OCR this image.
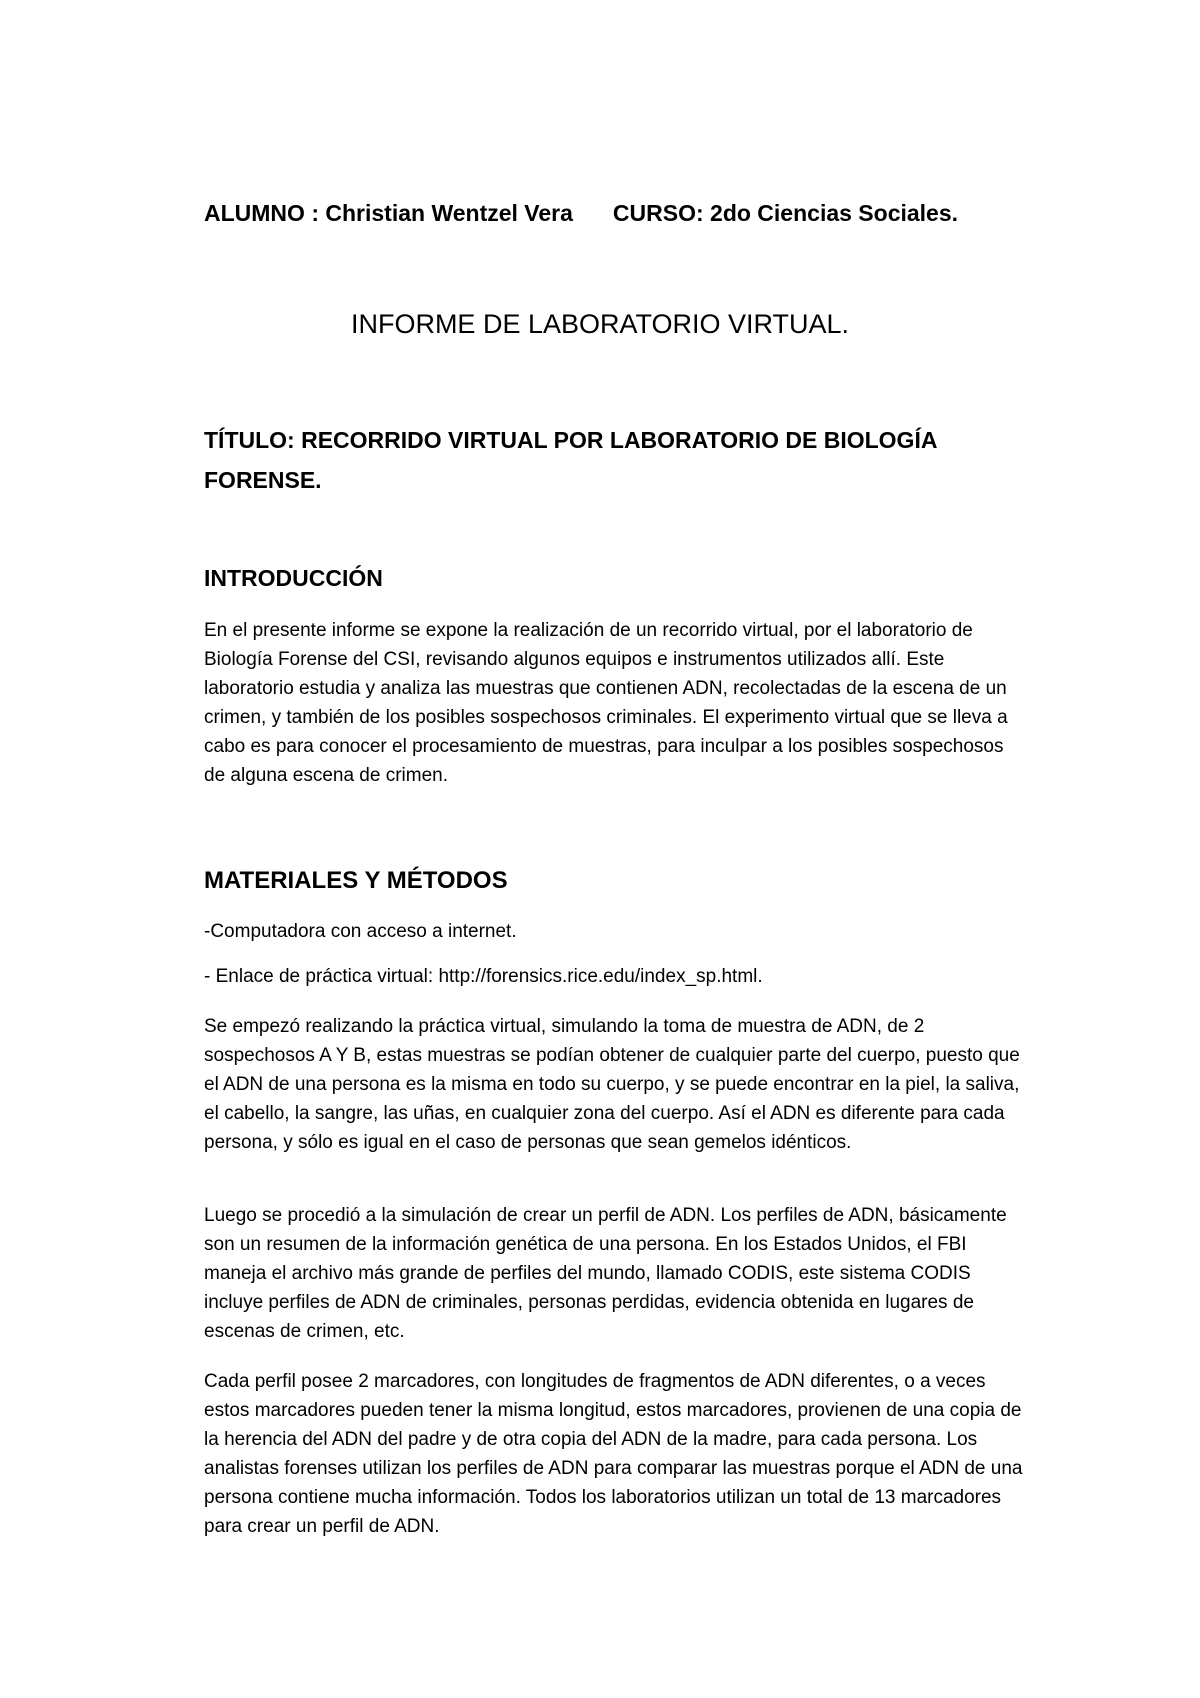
ALUMNO : Christian Wentzel Vera CURSO: 2do Ciencias Sociales.
INFORME DE LABORATORIO VIRTUAL.
TÍTULO: RECORRIDO VIRTUAL POR LABORATORIO DE BIOLOGÍA FORENSE.
INTRODUCCIÓN

En el presente informe se expone la realización de un recorrido virtual, por el laboratorio de Biología Forense del CSI, revisando algunos equipos e instrumentos utilizados allí. Este laboratorio estudia y analiza las muestras que contienen ADN, recolectadas de la escena de un crimen, y también de los posibles sospechosos criminales. El experimento virtual que se lleva a cabo es para conocer el procesamiento de muestras, para inculpar a los posibles sospechosos de alguna escena de crimen.

MATERIALES Y MÉTODOS
-Computadora con acceso a internet.
- Enlace de práctica virtual: http://forensics.rice.edu/index_sp.html.

Se empezó realizando la práctica virtual, simulando la toma de muestra de ADN, de 2 sospechosos A Y B, estas muestras se podían obtener de cualquier parte del cuerpo, puesto que el ADN de una persona es la misma en todo su cuerpo, y se puede encontrar en la piel, la saliva, el cabello, la sangre, las uñas, en cualquier zona del cuerpo. Así el ADN es diferente para cada persona, y sólo es igual en el caso de personas que sean gemelos idénticos.

Luego se procedió a la simulación de crear un perfil de ADN. Los perfiles de ADN, básicamente son un resumen de la información genética de una persona. En los Estados Unidos, el FBI maneja el archivo más grande de perfiles del mundo, llamado CODIS, este sistema CODIS incluye perfiles de ADN de criminales, personas perdidas, evidencia obtenida en lugares de escenas de crimen, etc.

Cada perfil posee 2 marcadores, con longitudes de fragmentos de ADN diferentes, o a veces estos marcadores pueden tener la misma longitud, estos marcadores, provienen de una copia de la herencia del ADN del padre y de otra copia del ADN de la madre, para cada persona. Los analistas forenses utilizan los perfiles de ADN para comparar las muestras porque el ADN de una persona contiene mucha información. Todos los laboratorios utilizan un total de 13 marcadores para crear un perfil de ADN.
